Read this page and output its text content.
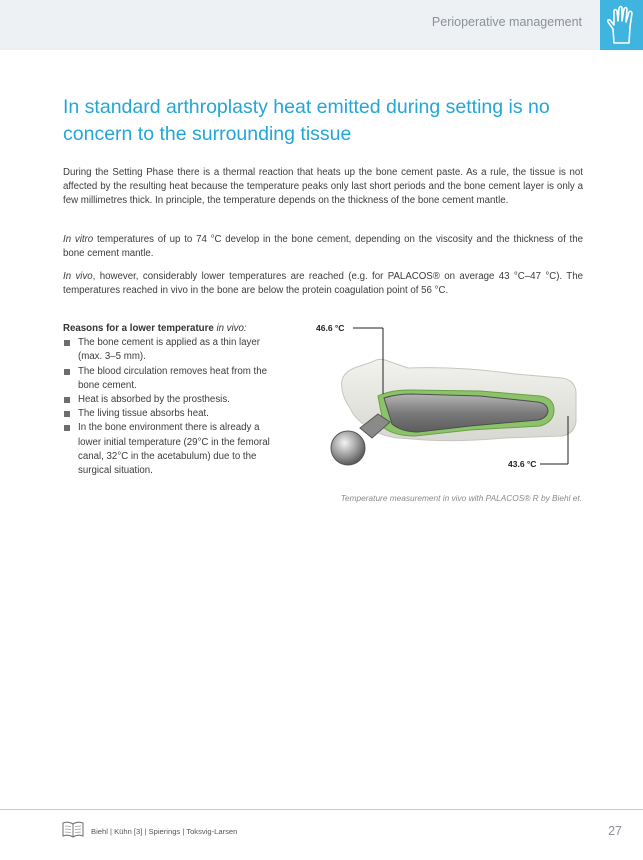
Perioperative management
In standard arthroplasty heat emitted during setting is no concern to the surrounding tissue

During the Setting Phase there is a thermal reaction that heats up the bone cement paste. As a rule, the tissue is not affected by the resulting heat because the temperature peaks only last short periods and the bone cement layer is only a few millimetres thick. In principle, the temperature depends on the thickness of the bone cement mantle.

In vitro temperatures of up to 74 °C develop in the bone cement, depending on the viscosity and the thickness of the bone cement mantle.

In vivo, however, considerably lower temperatures are reached (e.g. for PALACOS® on average 43 °C–47 °C). The temperatures reached in vivo in the bone are below the protein coagulation point of 56 °C.

Reasons for a lower temperature in vivo:
The bone cement is applied as a thin layer (max. 3–5 mm).
The blood circulation removes heat from the bone cement.
Heat is absorbed by the prosthesis.
The living tissue absorbs heat.
In the bone environment there is already a lower initial temperature (29°C in the femoral canal, 32°C in the acetabulum) due to the surgical situation.
46.6 °C
43.6 °C
Temperature measurement in vivo with PALACOS® R by Biehl et.
Biehl | Kühn [3] | Spierings | Toksvig-Larsen	27
